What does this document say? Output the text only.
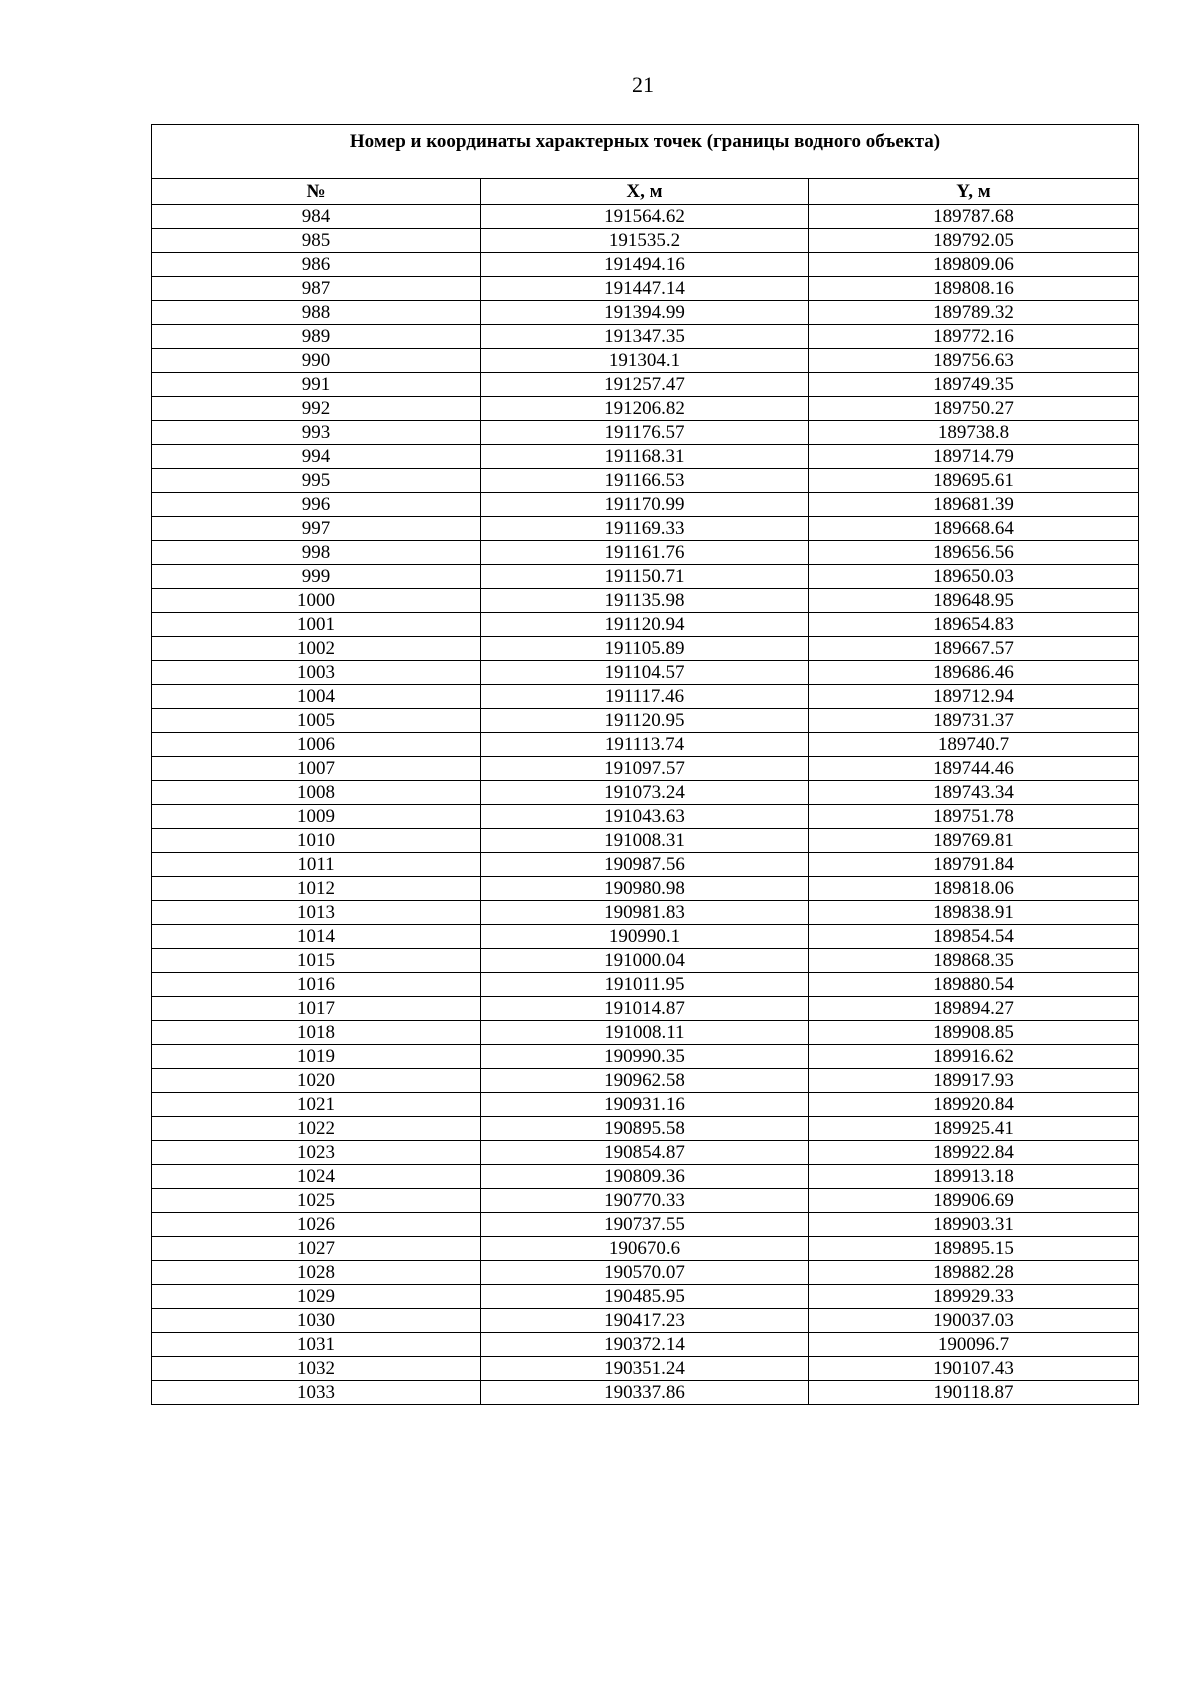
21
Номер и координаты характерных точек (границы водного объекта)		
№	X, м	Y, м
984	191564.62	189787.68
985	191535.2	189792.05
986	191494.16	189809.06
987	191447.14	189808.16
988	191394.99	189789.32
989	191347.35	189772.16
990	191304.1	189756.63
991	191257.47	189749.35
992	191206.82	189750.27
993	191176.57	189738.8
994	191168.31	189714.79
995	191166.53	189695.61
996	191170.99	189681.39
997	191169.33	189668.64
998	191161.76	189656.56
999	191150.71	189650.03
1000	191135.98	189648.95
1001	191120.94	189654.83
1002	191105.89	189667.57
1003	191104.57	189686.46
1004	191117.46	189712.94
1005	191120.95	189731.37
1006	191113.74	189740.7
1007	191097.57	189744.46
1008	191073.24	189743.34
1009	191043.63	189751.78
1010	191008.31	189769.81
1011	190987.56	189791.84
1012	190980.98	189818.06
1013	190981.83	189838.91
1014	190990.1	189854.54
1015	191000.04	189868.35
1016	191011.95	189880.54
1017	191014.87	189894.27
1018	191008.11	189908.85
1019	190990.35	189916.62
1020	190962.58	189917.93
1021	190931.16	189920.84
1022	190895.58	189925.41
1023	190854.87	189922.84
1024	190809.36	189913.18
1025	190770.33	189906.69
1026	190737.55	189903.31
1027	190670.6	189895.15
1028	190570.07	189882.28
1029	190485.95	189929.33
1030	190417.23	190037.03
1031	190372.14	190096.7
1032	190351.24	190107.43
1033	190337.86	190118.87
